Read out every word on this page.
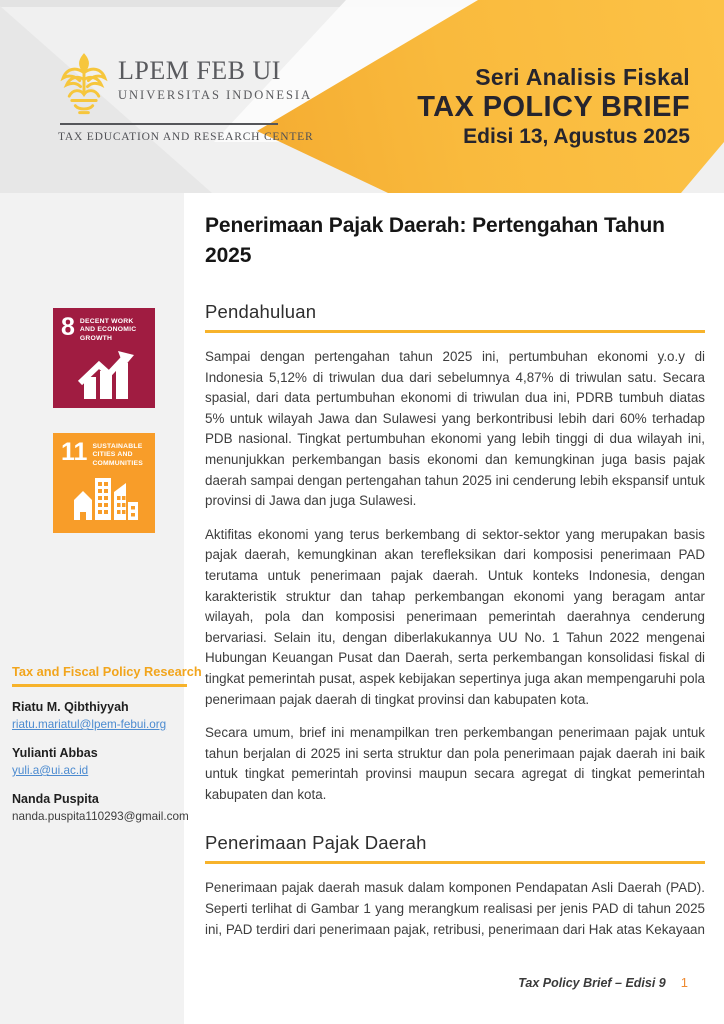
Seri Analisis Fiskal
TAX POLICY BRIEF
Edisi 13, Agustus 2025
LPEM FEB UI
UNIVERSITAS INDONESIA
TAX EDUCATION AND RESEARCH CENTER
8 DECENT WORK AND ECONOMIC GROWTH
11 SUSTAINABLE CITIES AND COMMUNITIES
Tax and Fiscal Policy Research
Riatu M. Qibthiyyah
riatu.mariatul@lpem-febui.org
Yulianti Abbas
yuli.a@ui.ac.id
Nanda Puspita
nanda.puspita110293@gmail.com
Penerimaan Pajak Daerah: Pertengahan Tahun 2025
Pendahuluan
Sampai dengan pertengahan tahun 2025 ini, pertumbuhan ekonomi y.o.y di Indonesia 5,12% di triwulan dua dari sebelumnya 4,87% di triwulan satu. Secara spasial, dari data pertumbuhan ekonomi di triwulan dua ini, PDRB tumbuh diatas 5% untuk wilayah Jawa dan Sulawesi yang berkontribusi lebih dari 60% terhadap PDB nasional. Tingkat pertumbuhan ekonomi yang lebih tinggi di dua wilayah ini, menunjukkan perkembangan basis ekonomi dan kemungkinan juga basis pajak daerah sampai dengan pertengahan tahun 2025 ini cenderung lebih ekspansif untuk provinsi di Jawa dan juga Sulawesi.
Aktifitas ekonomi yang terus berkembang di sektor-sektor yang merupakan basis pajak daerah, kemungkinan akan terefleksikan dari komposisi penerimaan PAD terutama untuk penerimaan pajak daerah. Untuk konteks Indonesia, dengan karakteristik struktur dan tahap perkembangan ekonomi yang beragam antar wilayah, pola dan komposisi penerimaan pemerintah daerahnya cenderung bervariasi. Selain itu, dengan diberlakukannya UU No. 1 Tahun 2022 mengenai Hubungan Keuangan Pusat dan Daerah, serta perkembangan konsolidasi fiskal di tingkat pemerintah pusat, aspek kebijakan sepertinya juga akan mempengaruhi pola penerimaan pajak daerah di tingkat provinsi dan kabupaten kota.
Secara umum, brief ini menampilkan tren perkembangan penerimaan pajak untuk tahun berjalan di 2025 ini serta struktur dan pola penerimaan pajak daerah ini baik untuk tingkat pemerintah provinsi maupun secara agregat di tingkat pemerintah kabupaten dan kota.
Penerimaan Pajak Daerah
Penerimaan pajak daerah masuk dalam komponen Pendapatan Asli Daerah (PAD). Seperti terlihat di Gambar 1 yang merangkum realisasi per jenis PAD di tahun 2025 ini, PAD terdiri dari penerimaan pajak, retribusi, penerimaan dari Hak atas Kekayaan
Tax Policy Brief – Edisi 9 1
